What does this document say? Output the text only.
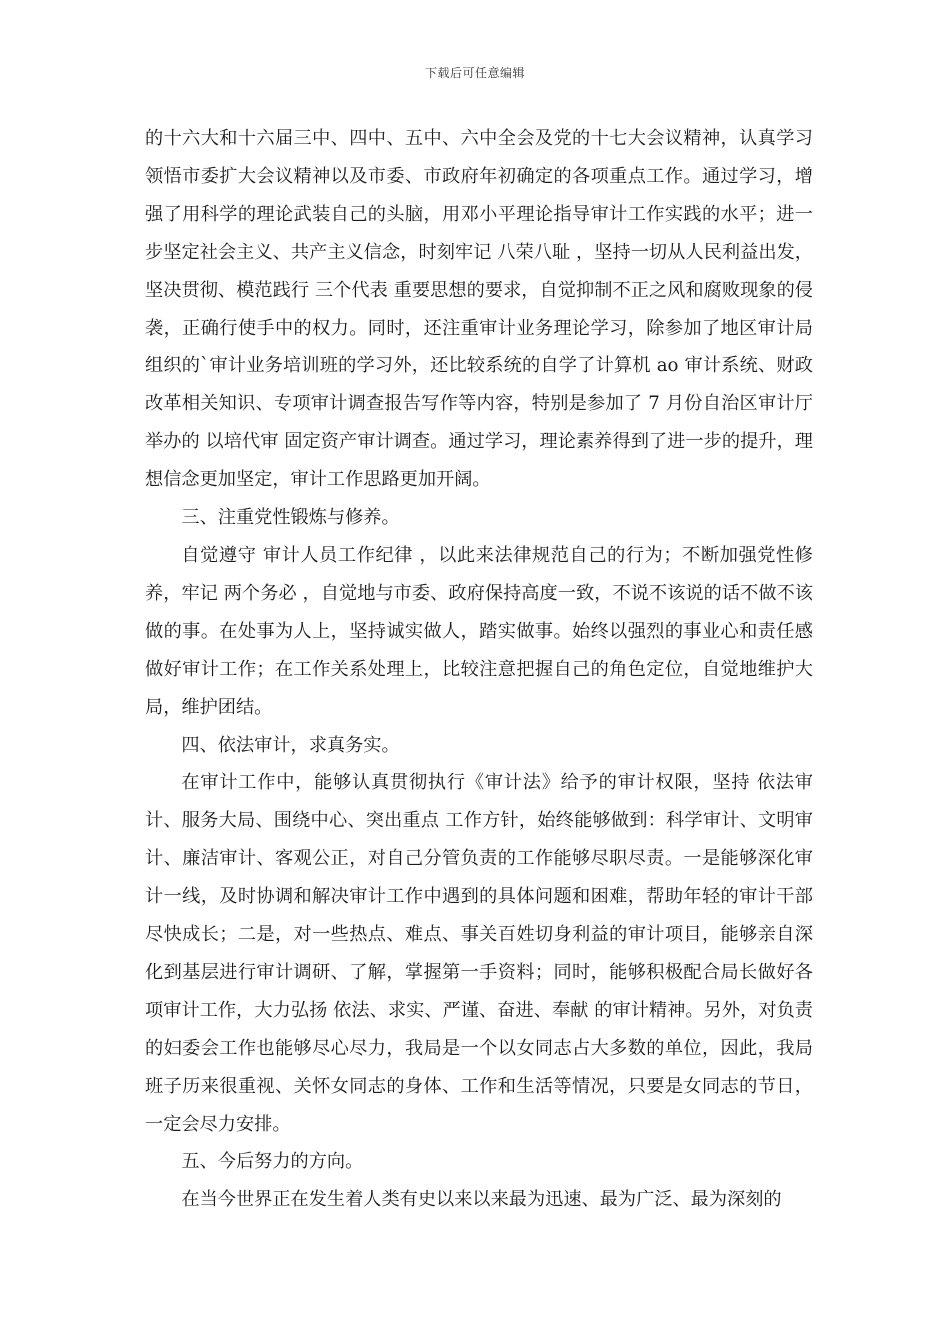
下载后可任意编辑

的十六大和十六届三中、四中、五中、六中全会及党的十七大会议精神，认真学习领悟市委扩大会议精神以及市委、市政府年初确定的各项重点工作。通过学习，增强了用科学的理论武装自己的头脑，用邓小平理论指导审计工作实践的水平；进一步坚定社会主义、共产主义信念，时刻牢记 八荣八耻 ，坚持一切从人民利益出发，坚决贯彻、模范践行 三个代表 重要思想的要求，自觉抑制不正之风和腐败现象的侵袭，正确行使手中的权力。同时，还注重审计业务理论学习，除参加了地区审计局组织的`审计业务培训班的学习外，还比较系统的自学了计算机 ao 审计系统、财政改革相关知识、专项审计调查报告写作等内容，特别是参加了 7 月份自治区审计厅举办的 以培代审 固定资产审计调查。通过学习，理论素养得到了进一步的提升，理想信念更加坚定，审计工作思路更加开阔。

三、注重党性锻炼与修养。

自觉遵守 审计人员工作纪律 ，以此来法律规范自己的行为；不断加强党性修养，牢记 两个务必 ，自觉地与市委、政府保持高度一致，不说不该说的话不做不该做的事。在处事为人上，坚持诚实做人，踏实做事。始终以强烈的事业心和责任感做好审计工作；在工作关系处理上，比较注意把握自己的角色定位，自觉地维护大局，维护团结。

四、依法审计，求真务实。

在审计工作中，能够认真贯彻执行《审计法》给予的审计权限，坚持 依法审计、服务大局、围绕中心、突出重点 工作方针，始终能够做到：科学审计、文明审计、廉洁审计、客观公正，对自己分管负责的工作能够尽职尽责。一是能够深化审计一线，及时协调和解决审计工作中遇到的具体问题和困难，帮助年轻的审计干部尽快成长；二是，对一些热点、难点、事关百姓切身利益的审计项目，能够亲自深化到基层进行审计调研、了解，掌握第一手资料；同时，能够积极配合局长做好各项审计工作，大力弘扬 依法、求实、严谨、奋进、奉献 的审计精神。另外，对负责的妇委会工作也能够尽心尽力，我局是一个以女同志占大多数的单位，因此，我局班子历来很重视、关怀女同志的身体、工作和生活等情况，只要是女同志的节日，一定会尽力安排。

五、今后努力的方向。

在当今世界正在发生着人类有史以来以来最为迅速、最为广泛、最为深刻的
